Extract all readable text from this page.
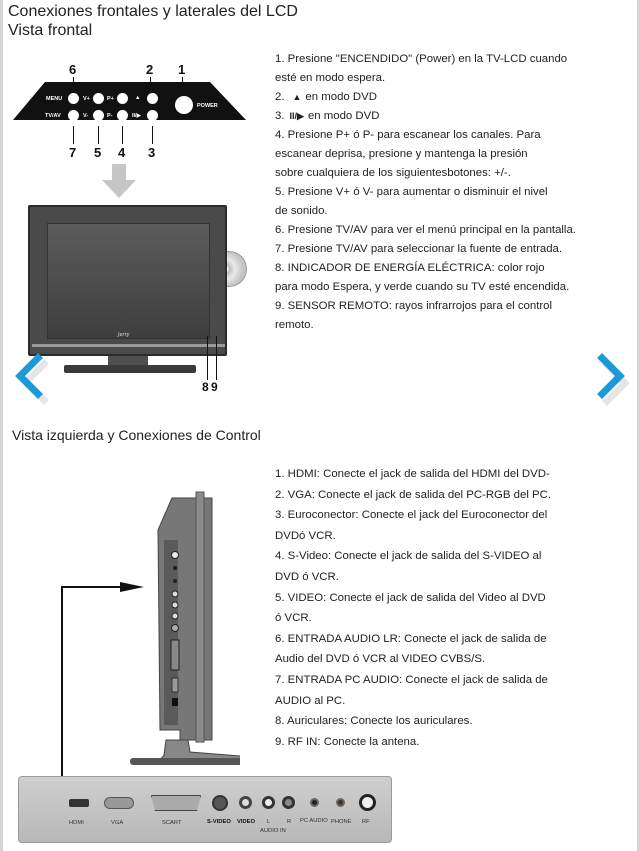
Conexiones frontales y laterales del LCD
Vista frontal
6	2 1
7 5 4 3
MENU	V+	P+	▲
TV/AV	V-	P-	II/▶
POWER
Jerry
8 9
1. Presione "ENCENDIDO" (Power) en la TV-LCD cuando
esté en modo espera.
2. ▲ en modo DVD
3. II/▶ en modo DVD
4. Presione P+ ó P- para escanear los canales. Para
escanear deprisa, presione y mantenga la presión
sobre cualquiera de los siguientesbotones: +/-.
5. Presione V+ ó V- para aumentar o disminuir el nivel
de sonido.
6. Presione TV/AV para ver el menú principal en la pantalla.
7. Presione TV/AV para seleccionar la fuente de entrada.
8. INDICADOR DE ENERGÍA ELÉCTRICA: color rojo
para modo Espera, y verde cuando su TV esté encendida.
9. SENSOR REMOTO: rayos infrarrojos para el control
remoto.
Vista izquierda y Conexiones de Control
HDMI	VGA	SCART	S-VIDEO VIDEO L	R
AUDIO IN
PC AUDIO PHONE RF
1. HDMI: Conecte el jack de salida del HDMI del DVD-
2. VGA: Conecte el jack de salida del PC-RGB del PC.
3. Euroconector: Conecte el jack del Euroconector del
DVDó VCR.
4. S-Video: Conecte el jack de salida del S-VIDEO al
DVD ó VCR.
5. VIDEO: Conecte el jack de salida del Video al DVD
ó VCR.
6. ENTRADA AUDIO LR: Conecte el jack de salida de
Audio del DVD ó VCR al VIDEO CVBS/S.
7. ENTRADA PC AUDIO: Conecte el jack de salida de
AUDIO al PC.
8. Auriculares: Conecte los auriculares.
9. RF IN: Conecte la antena.
